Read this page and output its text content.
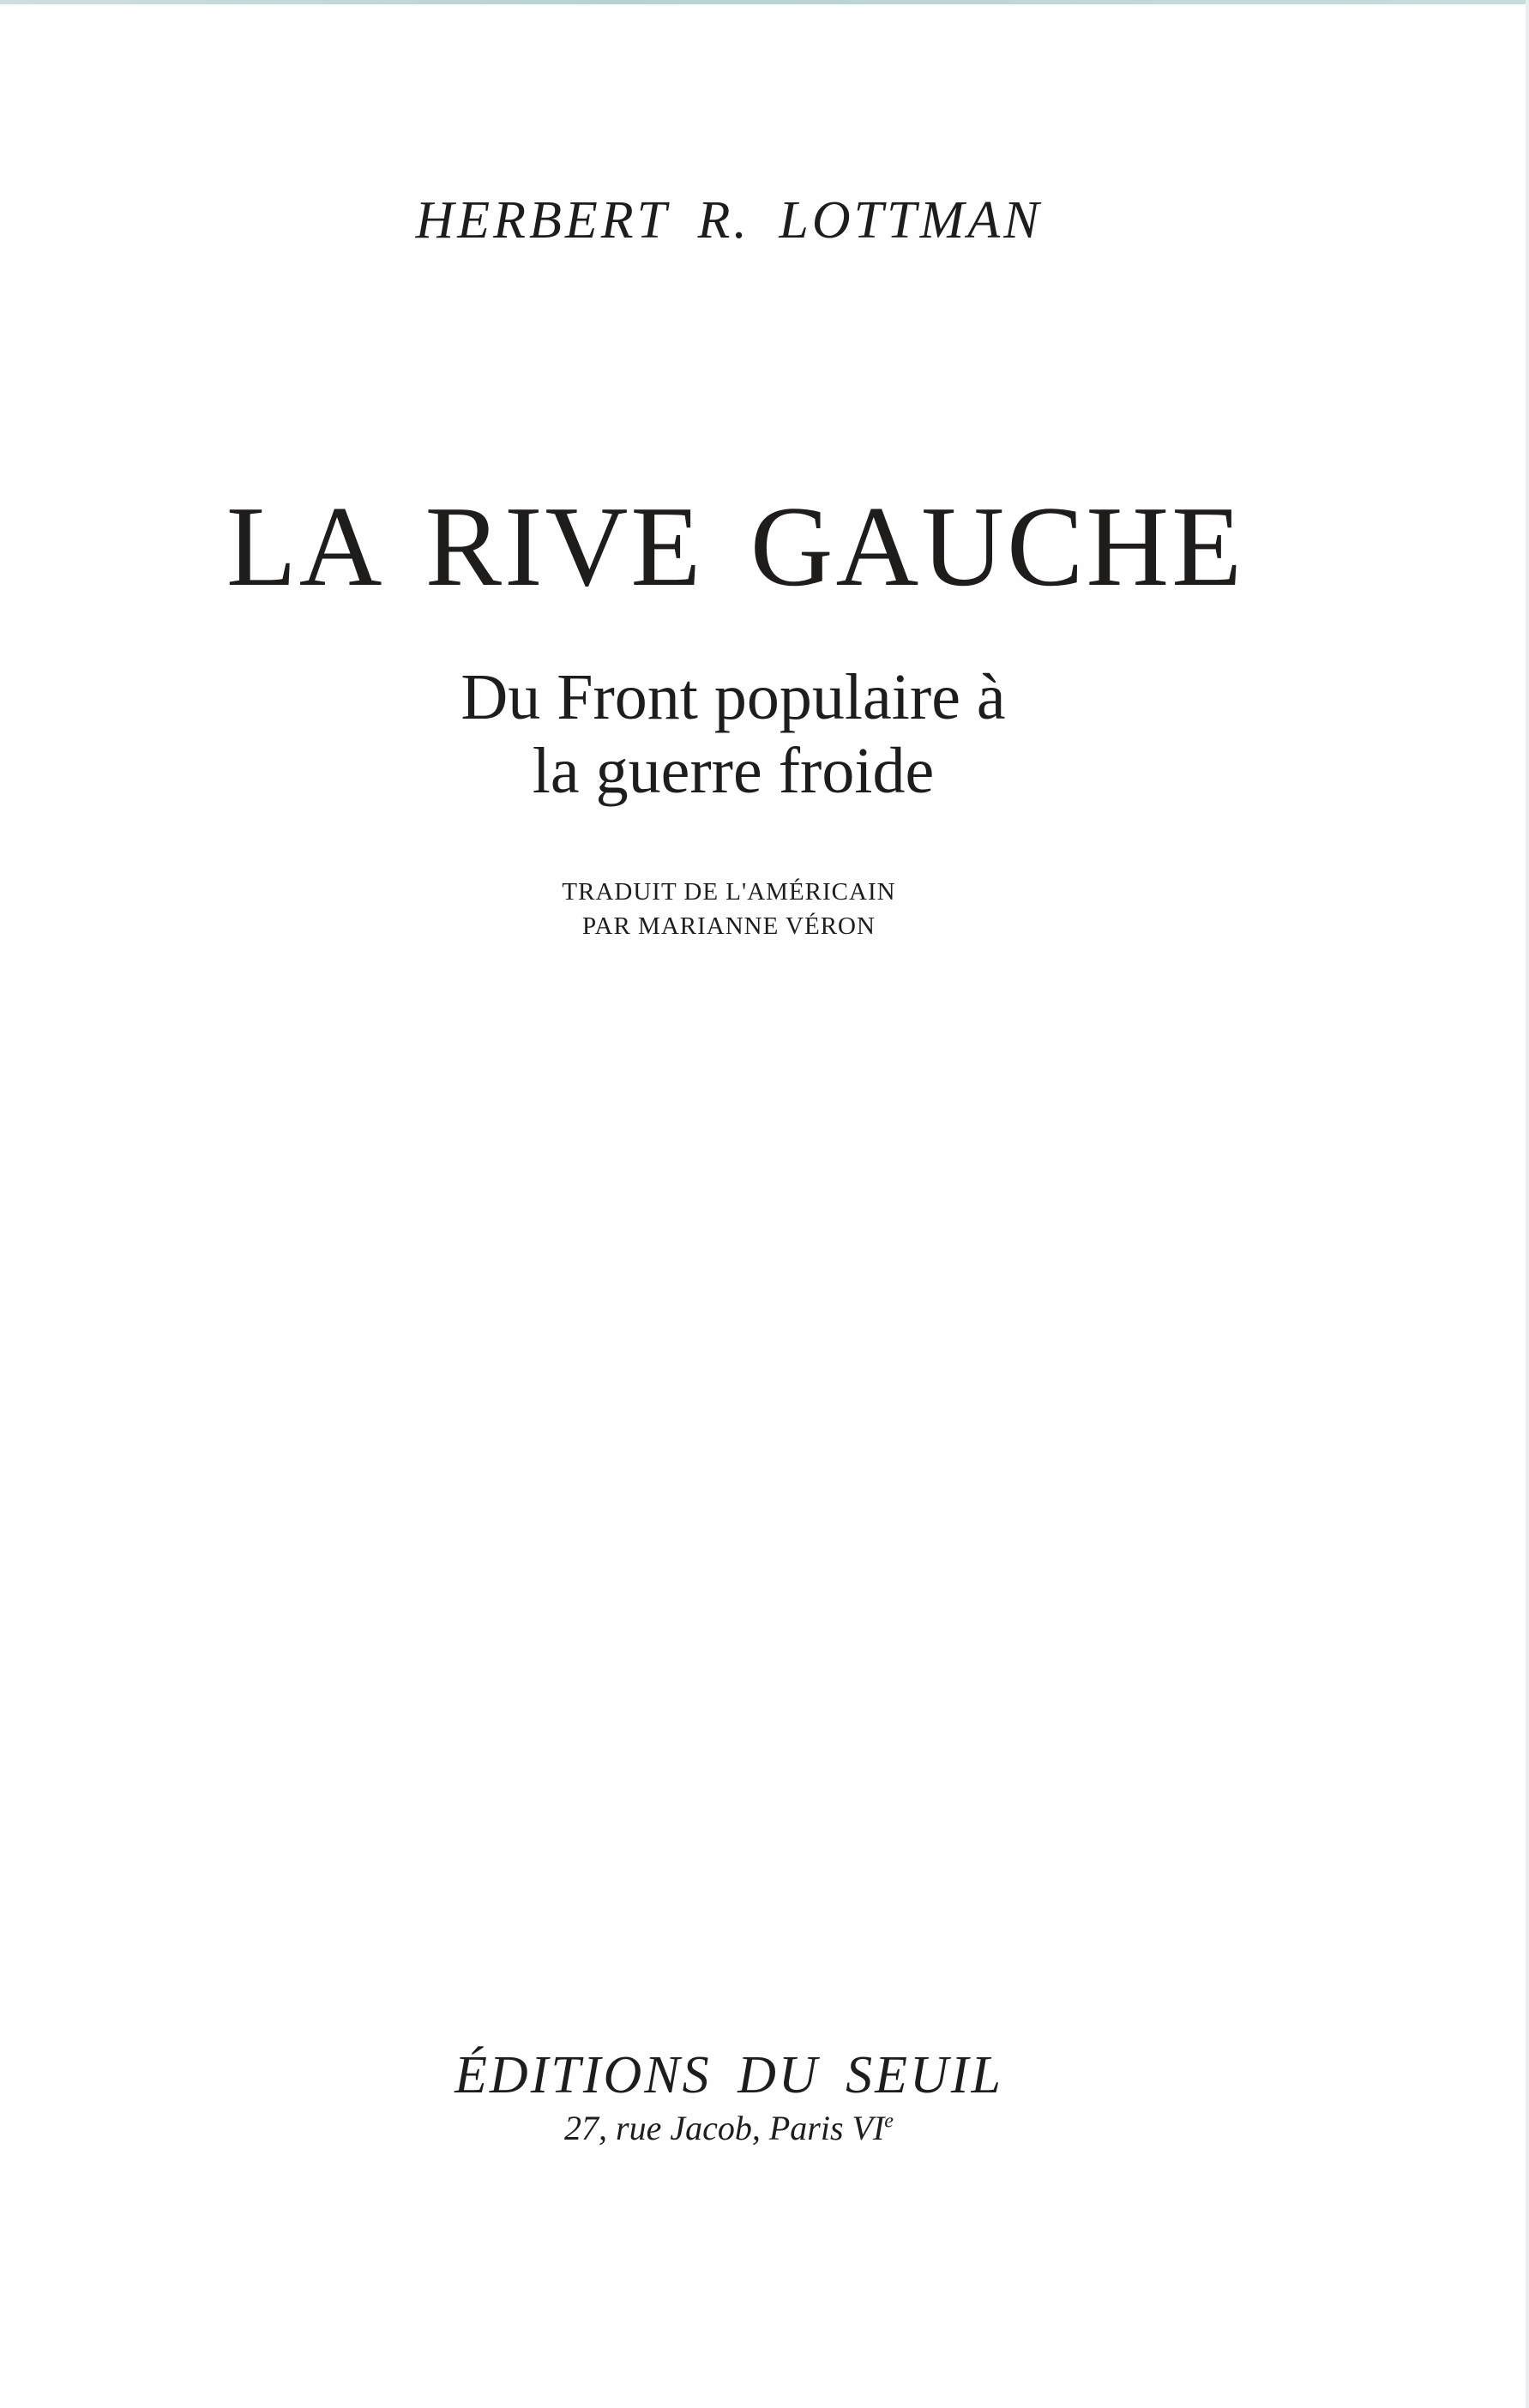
HERBERT R. LOTTMAN

LA RIVE GAUCHE
Du Front populaire à
la guerre froide
TRADUIT DE L'AMÉRICAIN
PAR MARIANNE VÉRON

ÉDITIONS DU SEUIL

27, rue Jacob, Paris VIe
